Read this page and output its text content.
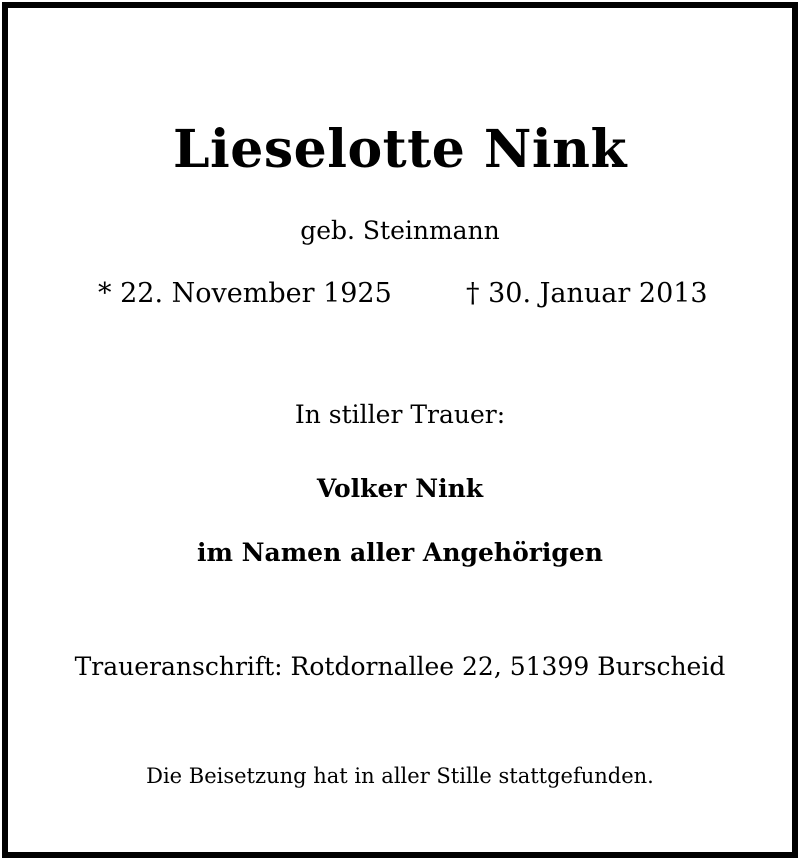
Lieselotte Nink
geb. Steinmann
* 22. November 1925	† 30. Januar 2013
In stiller Trauer:
Volker Nink
im Namen aller Angehörigen
Traueranschrift: Rotdornallee 22, 51399 Burscheid
Die Beisetzung hat in aller Stille stattgefunden.
